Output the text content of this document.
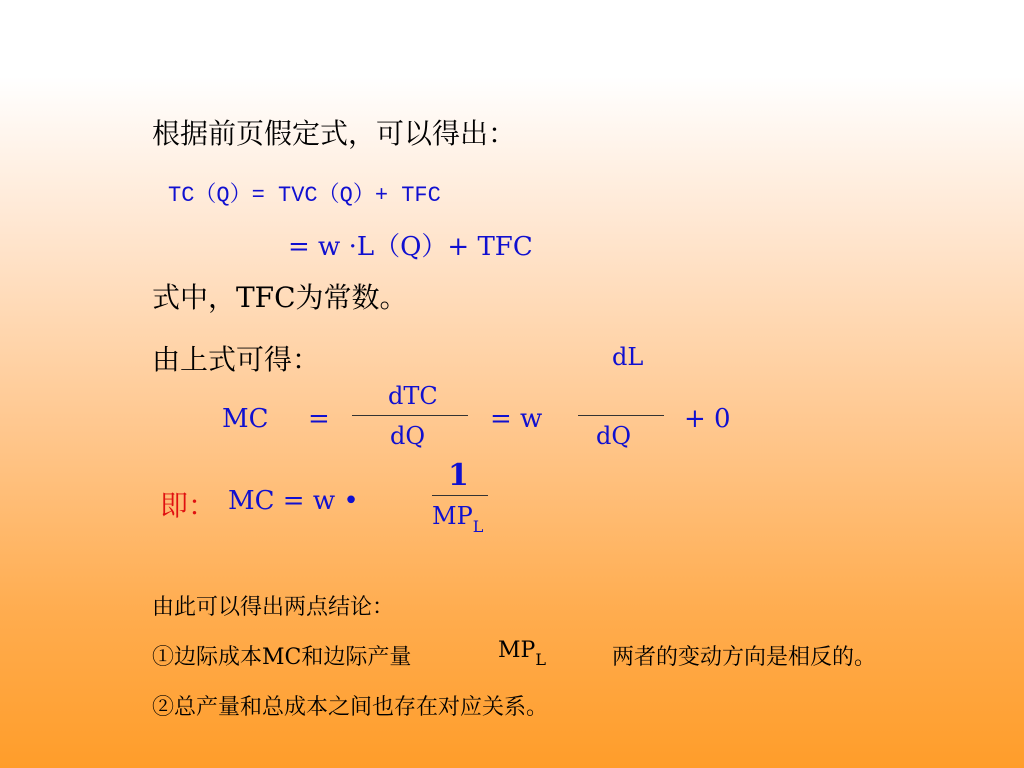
根据前页假定式，可以得出：
TC（Q）= TVC（Q）+ TFC
= w ·L（Q）+ TFC
式中，TFC为常数。
由上式可得：
MC =
dTC
dQ
= w
dL
dQ
+ 0
即： MC = w •
1
$MP_L$
由此可以得出两点结论：
①边际成本MC和边际产量	$MP_L$	两者的变动方向是相反的。
②总产量和总成本之间也存在对应关系。
